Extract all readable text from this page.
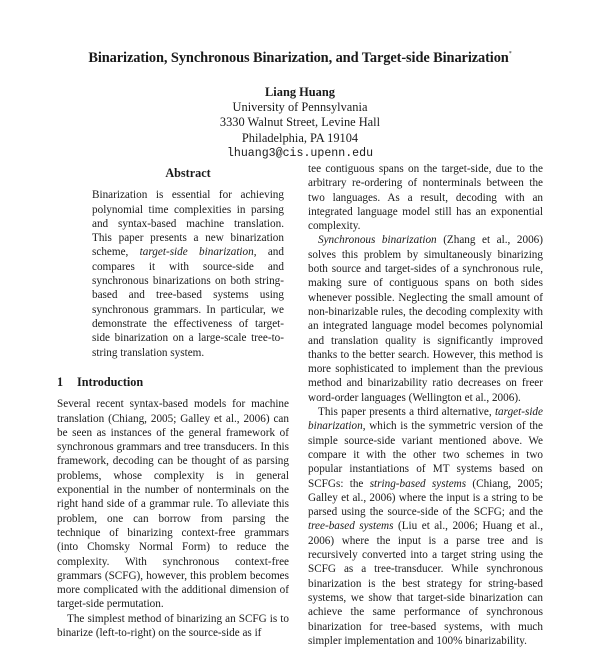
Binarization, Synchronous Binarization, and Target-side Binarization*
Liang Huang
University of Pennsylvania
3330 Walnut Street, Levine Hall
Philadelphia, PA 19104
lhuang3@cis.upenn.edu
Abstract

Binarization is essential for achieving polynomial time complexities in parsing and syntax-based machine translation. This paper presents a new binarization scheme, target-side binarization, and compares it with source-side and synchronous binarizations on both string-based and tree-based systems using synchronous grammars. In particular, we demonstrate the effectiveness of target-side binarization on a large-scale tree-to-string translation system.

1 Introduction

Several recent syntax-based models for machine translation (Chiang, 2005; Galley et al., 2006) can be seen as instances of the general framework of synchronous grammars and tree transducers. In this framework, decoding can be thought of as parsing problems, whose complexity is in general exponential in the number of nonterminals on the right hand side of a grammar rule. To alleviate this problem, one can borrow from parsing the technique of binarizing context-free grammars (into Chomsky Normal Form) to reduce the complexity. With synchronous context-free grammars (SCFG), however, this problem becomes more complicated with the additional dimension of target-side permutation.

The simplest method of binarizing an SCFG is to binarize (left-to-right) on the source-side as if

tee contiguous spans on the target-side, due to the arbitrary re-ordering of nonterminals between the two languages. As a result, decoding with an integrated language model still has an exponential complexity.

Synchronous binarization (Zhang et al., 2006) solves this problem by simultaneously binarizing both source and target-sides of a synchronous rule, making sure of contiguous spans on both sides whenever possible. Neglecting the small amount of non-binarizable rules, the decoding complexity with an integrated language model becomes polynomial and translation quality is significantly improved thanks to the better search. However, this method is more sophisticated to implement than the previous method and binarizability ratio decreases on freer word-order languages (Wellington et al., 2006).

This paper presents a third alternative, target-side binarization, which is the symmetric version of the simple source-side variant mentioned above. We compare it with the other two schemes in two popular instantiations of MT systems based on SCFGs: the string-based systems (Chiang, 2005; Galley et al., 2006) where the input is a string to be parsed using the source-side of the SCFG; and the tree-based systems (Liu et al., 2006; Huang et al., 2006) where the input is a parse tree and is recursively converted into a target string using the SCFG as a tree-transducer. While synchronous binarization is the best strategy for string-based systems, we show that target-side binarization can achieve the same performance of synchronous binarization for tree-based systems, with much simpler implementation and 100% binarizability.
